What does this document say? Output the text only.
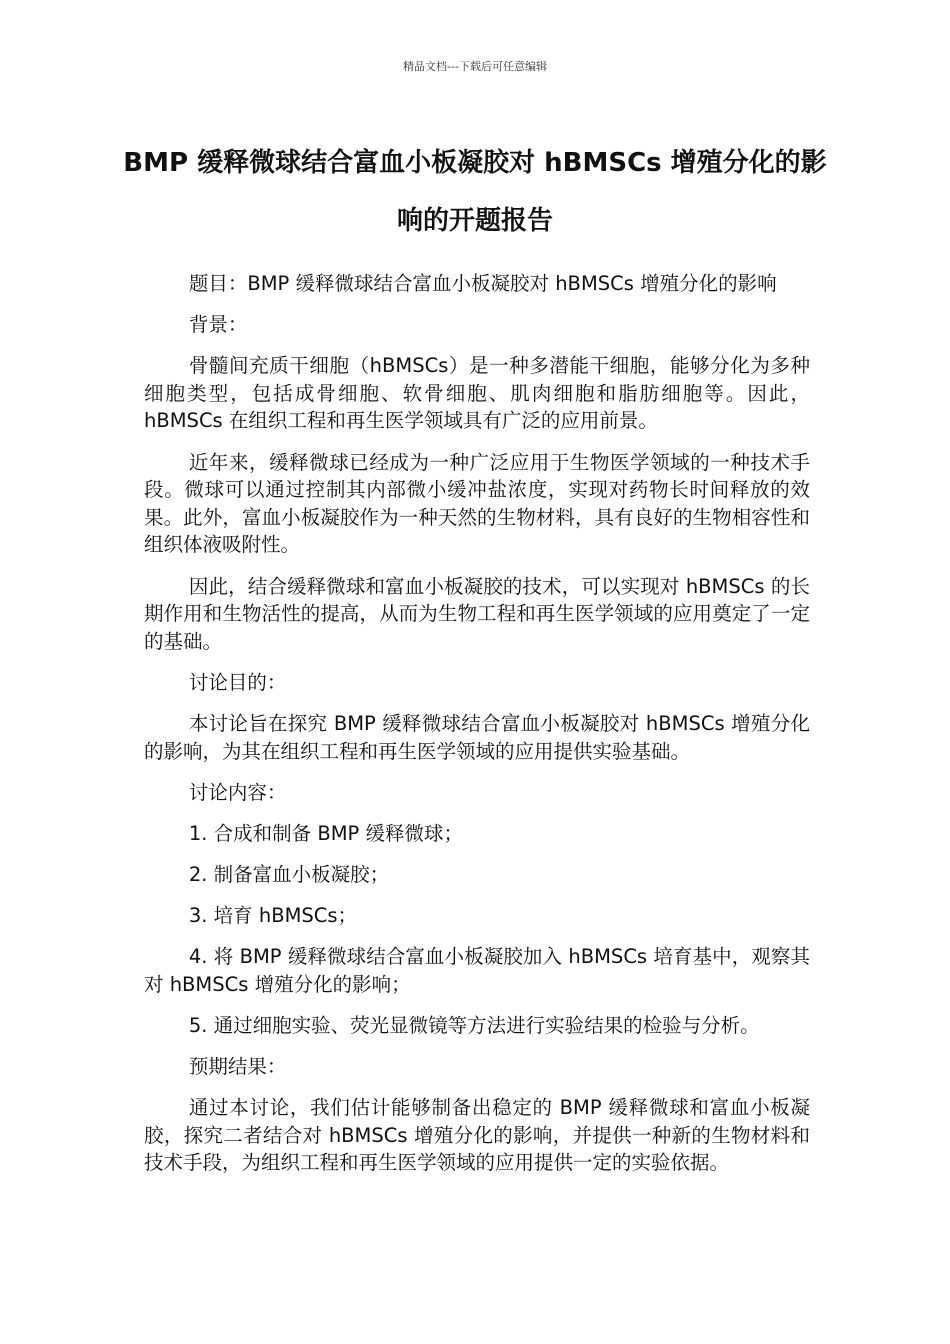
精品文档---下载后可任意编辑
BMP 缓释微球结合富血小板凝胶对 hBMSCs 增殖分化的影响的开题报告

题目：BMP 缓释微球结合富血小板凝胶对 hBMSCs 增殖分化的影响

背景：

骨髓间充质干细胞（hBMSCs）是一种多潜能干细胞，能够分化为多种细胞类型，包括成骨细胞、软骨细胞、肌肉细胞和脂肪细胞等。因此，hBMSCs 在组织工程和再生医学领域具有广泛的应用前景。

近年来，缓释微球已经成为一种广泛应用于生物医学领域的一种技术手段。微球可以通过控制其内部微小缓冲盐浓度，实现对药物长时间释放的效果。此外，富血小板凝胶作为一种天然的生物材料，具有良好的生物相容性和组织体液吸附性。

因此，结合缓释微球和富血小板凝胶的技术，可以实现对 hBMSCs 的长期作用和生物活性的提高，从而为生物工程和再生医学领域的应用奠定了一定的基础。

讨论目的：

本讨论旨在探究 BMP 缓释微球结合富血小板凝胶对 hBMSCs 增殖分化的影响，为其在组织工程和再生医学领域的应用提供实验基础。

讨论内容：

1. 合成和制备 BMP 缓释微球；

2. 制备富血小板凝胶；

3. 培育 hBMSCs；

4. 将 BMP 缓释微球结合富血小板凝胶加入 hBMSCs 培育基中，观察其对 hBMSCs 增殖分化的影响；

5. 通过细胞实验、荧光显微镜等方法进行实验结果的检验与分析。

预期结果：

通过本讨论，我们估计能够制备出稳定的 BMP 缓释微球和富血小板凝胶，探究二者结合对 hBMSCs 增殖分化的影响，并提供一种新的生物材料和技术手段，为组织工程和再生医学领域的应用提供一定的实验依据。
